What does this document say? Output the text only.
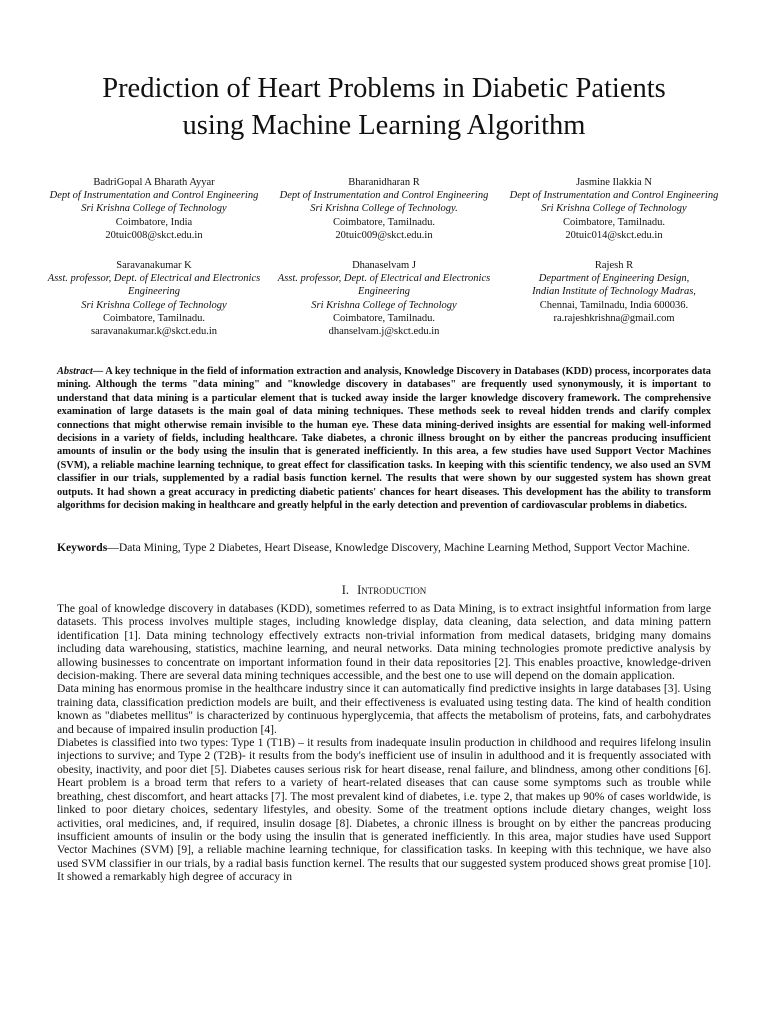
Prediction of Heart Problems in Diabetic Patients
using Machine Learning Algorithm
BadriGopal A Bharath Ayyar
Dept of Instrumentation and Control Engineering
Sri Krishna College of Technology
Coimbatore, India
20tuic008@skct.edu.in
Bharanidharan R
Dept of Instrumentation and Control Engineering
Sri Krishna College of Technology.
Coimbatore, Tamilnadu.
20tuic009@skct.edu.in
Jasmine Ilakkia N
Dept of Instrumentation and Control Engineering
Sri Krishna College of Technology
Coimbatore, Tamilnadu.
20tuic014@skct.edu.in
Saravanakumar K
Asst. professor, Dept. of Electrical and Electronics Engineering
Sri Krishna College of Technology
Coimbatore, Tamilnadu.
saravanakumar.k@skct.edu.in
Dhanaselvam J
Asst. professor, Dept. of Electrical and Electronics Engineering
Sri Krishna College of Technology
Coimbatore, Tamilnadu.
dhanselvam.j@skct.edu.in
Rajesh R
Department of Engineering Design,
Indian Institute of Technology Madras,
Chennai, Tamilnadu, India 600036.
ra.rajeshkrishna@gmail.com

Abstract— A key technique in the field of information extraction and analysis, Knowledge Discovery in Databases (KDD) process, incorporates data mining. Although the terms "data mining" and "knowledge discovery in databases" are frequently used synonymously, it is important to understand that data mining is a particular element that is tucked away inside the larger knowledge discovery framework. The comprehensive examination of large datasets is the main goal of data mining techniques. These methods seek to reveal hidden trends and clarify complex connections that might otherwise remain invisible to the human eye. These data mining-derived insights are essential for making well-informed decisions in a variety of fields, including healthcare. Take diabetes, a chronic illness brought on by either the pancreas producing insufficient amounts of insulin or the body using the insulin that is generated inefficiently. In this area, a few studies have used Support Vector Machines (SVM), a reliable machine learning technique, to great effect for classification tasks. In keeping with this scientific tendency, we also used an SVM classifier in our trials, supplemented by a radial basis function kernel. The results that were shown by our suggested system has shown great outputs. It had shown a great accuracy in predicting diabetic patients' chances for heart diseases. This development has the ability to transform algorithms for decision making in healthcare and greatly helpful in the early detection and prevention of cardiovascular problems in diabetics.

Keywords—Data Mining, Type 2 Diabetes, Heart Disease, Knowledge Discovery, Machine Learning Method, Support Vector Machine.

I. Introduction

The goal of knowledge discovery in databases (KDD), sometimes referred to as Data Mining, is to extract insightful information from large datasets. This process involves multiple stages, including knowledge display, data cleaning, data selection, and data mining pattern identification [1]. Data mining technology effectively extracts non-trivial information from medical datasets, bridging many domains including data warehousing, statistics, machine learning, and neural networks. Data mining technologies promote predictive analysis by allowing businesses to concentrate on important information found in their data repositories [2]. This enables proactive, knowledge-driven decision-making. There are several data mining techniques accessible, and the best one to use will depend on the domain application.

Data mining has enormous promise in the healthcare industry since it can automatically find predictive insights in large databases [3]. Using training data, classification prediction models are built, and their effectiveness is evaluated using testing data. The kind of health condition known as "diabetes mellitus" is characterized by continuous hyperglycemia, that affects the metabolism of proteins, fats, and carbohydrates and because of impaired insulin production [4].

Diabetes is classified into two types: Type 1 (T1B) – it results from inadequate insulin production in childhood and requires lifelong insulin injections to survive; and Type 2 (T2B)- it results from the body's inefficient use of insulin in adulthood and it is frequently associated with obesity, inactivity, and poor diet [5]. Diabetes causes serious risk for heart disease, renal failure, and blindness, among other conditions [6]. Heart problem is a broad term that refers to a variety of heart-related diseases that can cause some symptoms such as trouble while breathing, chest discomfort, and heart attacks [7]. The most prevalent kind of diabetes, i.e. type 2, that makes up 90% of cases worldwide, is linked to poor dietary choices, sedentary lifestyles, and obesity. Some of the treatment options include dietary changes, weight loss activities, oral medicines, and, if required, insulin dosage [8]. Diabetes, a chronic illness is brought on by either the pancreas producing insufficient amounts of insulin or the body using the insulin that is generated inefficiently. In this area, major studies have used Support Vector Machines (SVM) [9], a reliable machine learning technique, for classification tasks. In keeping with this technique, we have also used SVM classifier in our trials, by a radial basis function kernel. The results that our suggested system produced shows great promise [10]. It showed a remarkably high degree of accuracy in
